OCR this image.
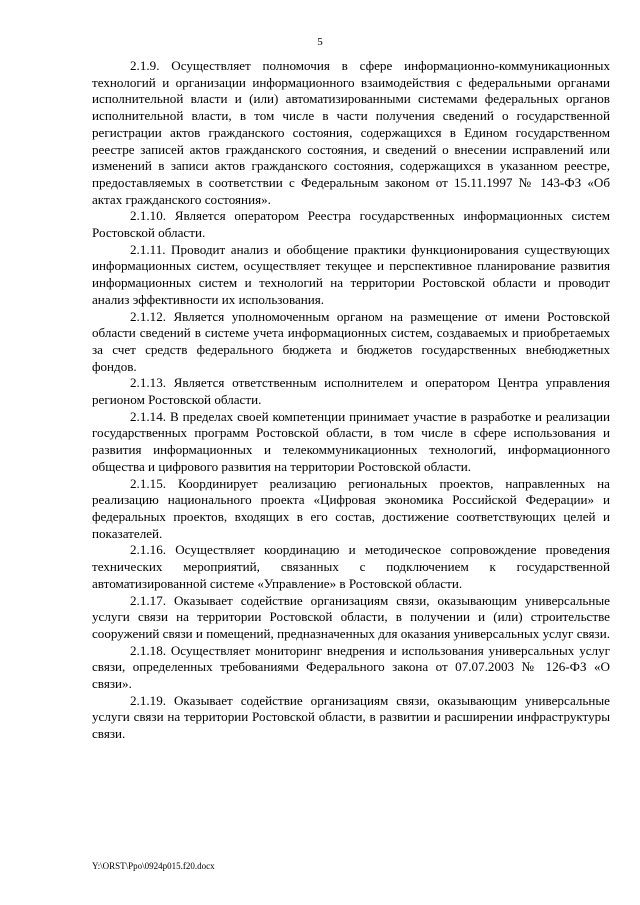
5

2.1.9. Осуществляет полномочия в сфере информационно-коммуникационных технологий и организации информационного взаимодействия с федеральными органами исполнительной власти и (или) автоматизированными системами федеральных органов исполнительной власти, в том числе в части получения сведений о государственной регистрации актов гражданского состояния, содержащихся в Едином государственном реестре записей актов гражданского состояния, и сведений о внесении исправлений или изменений в записи актов гражданского состояния, содержащихся в указанном реестре, предоставляемых в соответствии с Федеральным законом от 15.11.1997 № 143-ФЗ «Об актах гражданского состояния».

2.1.10. Является оператором Реестра государственных информационных систем Ростовской области.

2.1.11. Проводит анализ и обобщение практики функционирования существующих информационных систем, осуществляет текущее и перспективное планирование развития информационных систем и технологий на территории Ростовской области и проводит анализ эффективности их использования.

2.1.12. Является уполномоченным органом на размещение от имени Ростовской области сведений в системе учета информационных систем, создаваемых и приобретаемых за счет средств федерального бюджета и бюджетов государственных внебюджетных фондов.

2.1.13. Является ответственным исполнителем и оператором Центра управления регионом Ростовской области.

2.1.14. В пределах своей компетенции принимает участие в разработке и реализации государственных программ Ростовской области, в том числе в сфере использования и развития информационных и телекоммуникационных технологий, информационного общества и цифрового развития на территории Ростовской области.

2.1.15. Координирует реализацию региональных проектов, направленных на реализацию национального проекта «Цифровая экономика Российской Федерации» и федеральных проектов, входящих в его состав, достижение соответствующих целей и показателей.

2.1.16. Осуществляет координацию и методическое сопровождение проведения технических мероприятий, связанных с подключением к государственной автоматизированной системе «Управление» в Ростовской области.

2.1.17. Оказывает содействие организациям связи, оказывающим универсальные услуги связи на территории Ростовской области, в получении и (или) строительстве сооружений связи и помещений, предназначенных для оказания универсальных услуг связи.

2.1.18. Осуществляет мониторинг внедрения и использования универсальных услуг связи, определенных требованиями Федерального закона от 07.07.2003 № 126-ФЗ «О связи».

2.1.19. Оказывает содействие организациям связи, оказывающим универсальные услуги связи на территории Ростовской области, в развитии и расширении инфраструктуры связи.

Y:\ORST\Ppo\0924p015.f20.docx
